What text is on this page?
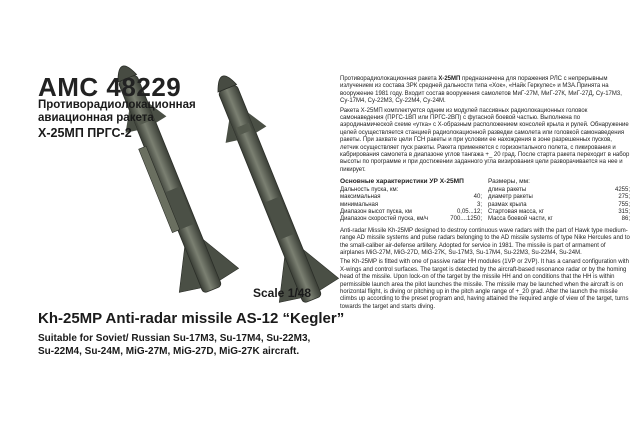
AMC 48229
Противорадиолокационная
авиационная ракета
Х-25МП ПРГС-2
Scale 1/48
Kh-25MP Anti-radar missile AS-12 “Kegler”
Suitable for Soviet/ Russian Su-17M3, Su-17M4, Su-22M3, Su-22M4, Su-24M, MiG-27M, MiG-27D, MiG-27K aircraft.

Противорадиолокационная ракета Х-25МП предназначена для поражения РЛС с непрерывным излучением из состава ЗРК средней дальности типа «Хок», «Найк Геркулес» и МЗА.Принята на вооружение 1981 году. Входит состав вооружения самолетов МиГ-27М, МиГ-27К, МиГ-27Д, Су-17М3, Су-17М4, Су-22М3, Су-22М4, Су-24М.

Ракета Х-25МП комплектуется одним из модулей пассивных радиолокационных головок самонаведения (ПРГС-1ВП или ПРГС-2ВП) с фугасной боевой частью. Выполнена по аэродинамической схеме «утка» с Х-образным расположением консолей крыла и рулей. Обнаружение целей осуществляется станцией радиолокационной разведки самолета или головкой самонаведения ракеты. При захвате цели ГСН ракеты и при условии ее нахождения в зоне разрешенных пусков, летчик осуществляет пуск ракеты. Ракета применяется с горизонтального полета, с пикирования и кабрирования самолета в диапазоне углов тангажа +_ 20 град. После старта ракета переходит в набор высоты по программе и при достижении заданного угла визирования цели разворачивается на нее и пикирует.

Основные характеристики УР Х-25МП	Размеры, мм:
Дальность пуска, км:
максимальная	40;
минимальная	3;
Диапазон высот пуска, км	0,05...12;
Диапазон скоростей пуска, км/ч	700....1250;
длина ракеты	4255;
диаметр ракеты	275;
размах крыла	755;
Стартовая масса, кг	315;
Масса боевой части, кг	86;

Anti-radar Missile Kh-25MP designed to destroy continuous wave radars with the part of Hawk type medium-range AD missile systems and pulse radars belonging to the AD missile systems of type Nike Hercules and to the small-caliber air-defense artillery. Adopted for service in 1981. The missile is part of armament of airplanes MiG-27M, MiG-27D, MiG-27K, Su-17M3, Su-17M4, Su-22M3, Su-22M4, Su-24M.

The Kh-25MP is fitted with one of passive radar HH modules (1VP or 2VP). It has a canard configuration with X-wings and control surfaces. The target is detected by the aircraft-based resonance radar or by the homing head of the missile. Upon lock-on of the target by the missile HH and on conditions that the HH is within permissible launch area the pilot launches the missile. The missile may be launched when the aircraft is on horizontal flight, is diving or pitching up in the pitch angle range of +_20 grad. After the launch the missile climbs up according to the preset program and, having attained the required angle of view of the target, turns towards the target and starts diving.
